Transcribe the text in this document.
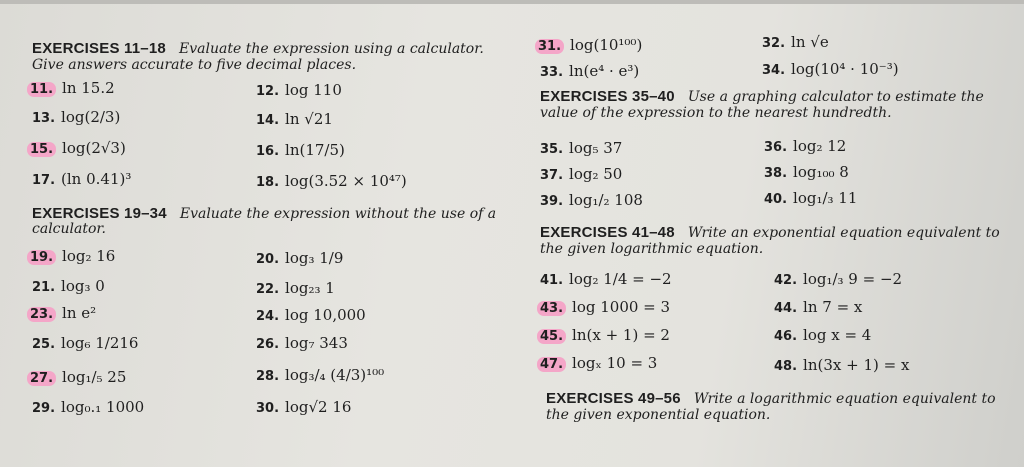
EXERCISES 11–18 Evaluate the expression using a calculator.
Give answers accurate to five decimal places.
EXERCISES 19–34 Evaluate the expression without the use of a
calculator.
EXERCISES 35–40 Use a graphing calculator to estimate the
value of the expression to the nearest hundredth.
EXERCISES 41–48 Write an exponential equation equivalent to
the given logarithmic equation.
EXERCISES 49–56 Write a logarithmic equation equivalent to
the given exponential equation.
11. ln 15.2	12. log 110
13. log(2/3)	14. ln √21
15. log(2√3)	16. ln(17/5)
17. (ln 0.41)³	18. log(3.52 × 10⁴⁷)
19. log₂ 16	20. log₃ 1/9
21. log₃ 0	22. log₂₃ 1
23. ln e²	24. log 10,000
25. log₆ 1/216	26. log₇ 343
27. log₁/₅ 25	28. log₃/₄ (4/3)¹⁰⁰
29. log₀.₁ 1000	30. log√2 16
31. log(10¹⁰⁰)	32. ln √e
33. ln(e⁴ · e³)	34. log(10⁴ · 10⁻³)
35. log₅ 37	36. log₂ 12
37. log₂ 50	38. log₁₀₀ 8
39. log₁/₂ 108	40. log₁/₃ 11
41. log₂ 1/4 = −2	42. log₁/₃ 9 = −2
43. log 1000 = 3	44. ln 7 = x
45. ln(x + 1) = 2	46. log x = 4
47. logₓ 10 = 3	48. ln(3x + 1) = x
